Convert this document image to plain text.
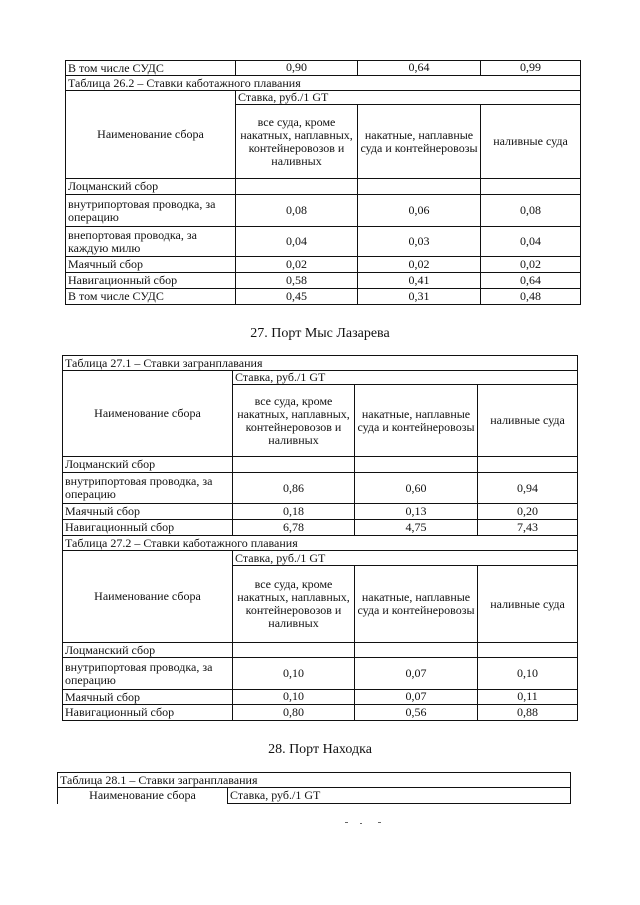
В том числе СУДС	0,90	0,64	0,99
Таблица 26.2 – Ставки каботажного плавания			
Наименование сбора	Ставка, руб./1 GT		
	все суда, кроме накатных, наплавных, контейнеровозов и наливных	накатные, наплавные суда и контейнеровозы	наливные суда
Лоцманский сбор			
внутрипортовая проводка, за операцию	0,08	0,06	0,08
внепортовая проводка, за каждую милю	0,04	0,03	0,04
Маячный сбор	0,02	0,02	0,02
Навигационный сбор	0,58	0,41	0,64
В том числе СУДС	0,45	0,31	0,48
27. Порт Мыс Лазарева
Таблица 27.1 – Ставки загранплавания			
Наименование сбора	Ставка, руб./1 GT		
	все суда, кроме накатных, наплавных, контейнеровозов и наливных	накатные, наплавные суда и контейнеровозы	наливные суда
Лоцманский сбор			
внутрипортовая проводка, за операцию	0,86	0,60	0,94
Маячный сбор	0,18	0,13	0,20
Навигационный сбор	6,78	4,75	7,43
Таблица 27.2 – Ставки каботажного плавания			
Наименование сбора	Ставка, руб./1 GT		
	все суда, кроме накатных, наплавных, контейнеровозов и наливных	накатные, наплавные суда и контейнеровозы	наливные суда
Лоцманский сбор			
внутрипортовая проводка, за операцию	0,10	0,07	0,10
Маячный сбор	0,10	0,07	0,11
Навигационный сбор	0,80	0,56	0,88
28. Порт Находка
Таблица 28.1 – Ставки загранплавания
Наименование сбора	Ставка, руб./1 GT
